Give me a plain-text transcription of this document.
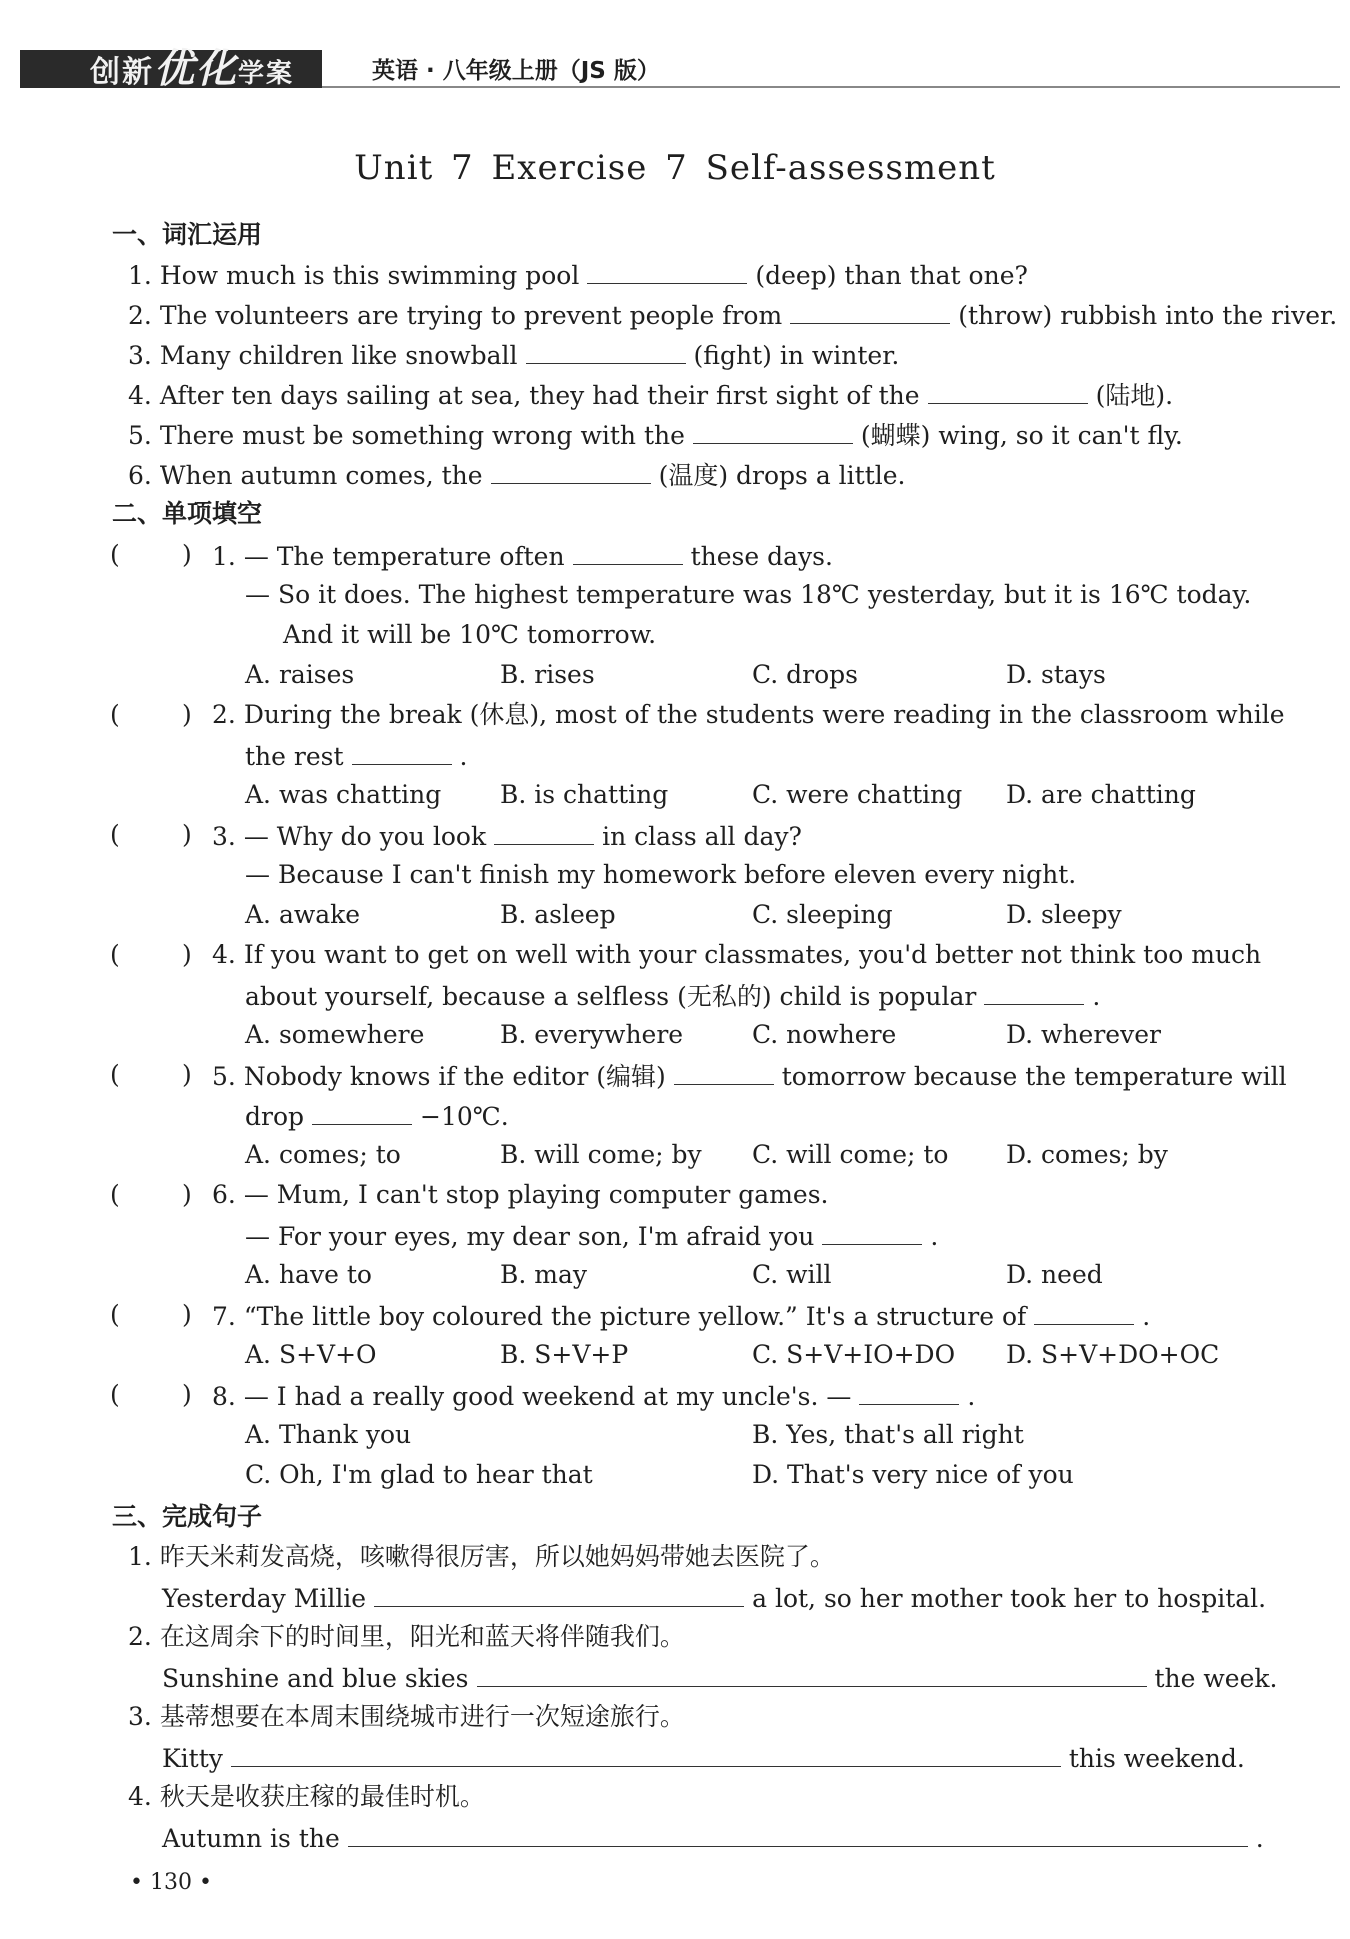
创新优化学案	英语 · 八年级上册（JS 版）
Unit 7 Exercise 7 Self-assessment
一、词汇运用
1. How much is this swimming pool	(deep) than that one?
2. The volunteers are trying to prevent people from	(throw) rubbish into the river.
3. Many children like snowball	(fight) in winter.
4. After ten days sailing at sea, they had their first sight of the	(陆地).
5. There must be something wrong with the	(蝴蝶) wing, so it can't fly.
6. When autumn comes, the	(温度) drops a little.
二、单项填空
( ) 1. — The temperature often	these days.
— So it does. The highest temperature was 18℃ yesterday, but it is 16℃ today.
And it will be 10℃ tomorrow.
A. raises	B. rises	C. drops	D. stays
( ) 2. During the break (休息), most of the students were reading in the classroom while
the rest	.
A. was chatting B. is chatting	C. were chatting D. are chatting
( ) 3. — Why do you look	in class all day?
— Because I can't finish my homework before eleven every night.
A. awake	B. asleep	C. sleeping	D. sleepy
( ) 4. If you want to get on well with your classmates, you'd better not think too much
about yourself, because a selfless (无私的) child is popular	.
A. somewhere	B. everywhere	C. nowhere	D. wherever
( ) 5. Nobody knows if the editor (编辑)	tomorrow because the temperature will
drop	−10℃.
A. comes; to	B. will come; by C. will come; to D. comes; by
( ) 6. — Mum, I can't stop playing computer games.
— For your eyes, my dear son, I'm afraid you	.
A. have to	B. may	C. will	D. need
( ) 7. “The little boy coloured the picture yellow.” It's a structure of	.
A. S+V+O	B. S+V+P	C. S+V+IO+DO D. S+V+DO+OC
( ) 8. — I had a really good weekend at my uncle's. —	.
A. Thank you	B. Yes, that's all right
C. Oh, I'm glad to hear that	D. That's very nice of you
三、完成句子
1. 昨天米莉发高烧，咳嗽得很厉害，所以她妈妈带她去医院了。
Yesterday Millie	a lot, so her mother took her to hospital.
2. 在这周余下的时间里，阳光和蓝天将伴随我们。
Sunshine and blue skies	the week.
3. 基蒂想要在本周末围绕城市进行一次短途旅行。
Kitty	this weekend.
4. 秋天是收获庄稼的最佳时机。
Autumn is the	.
• 130 •
